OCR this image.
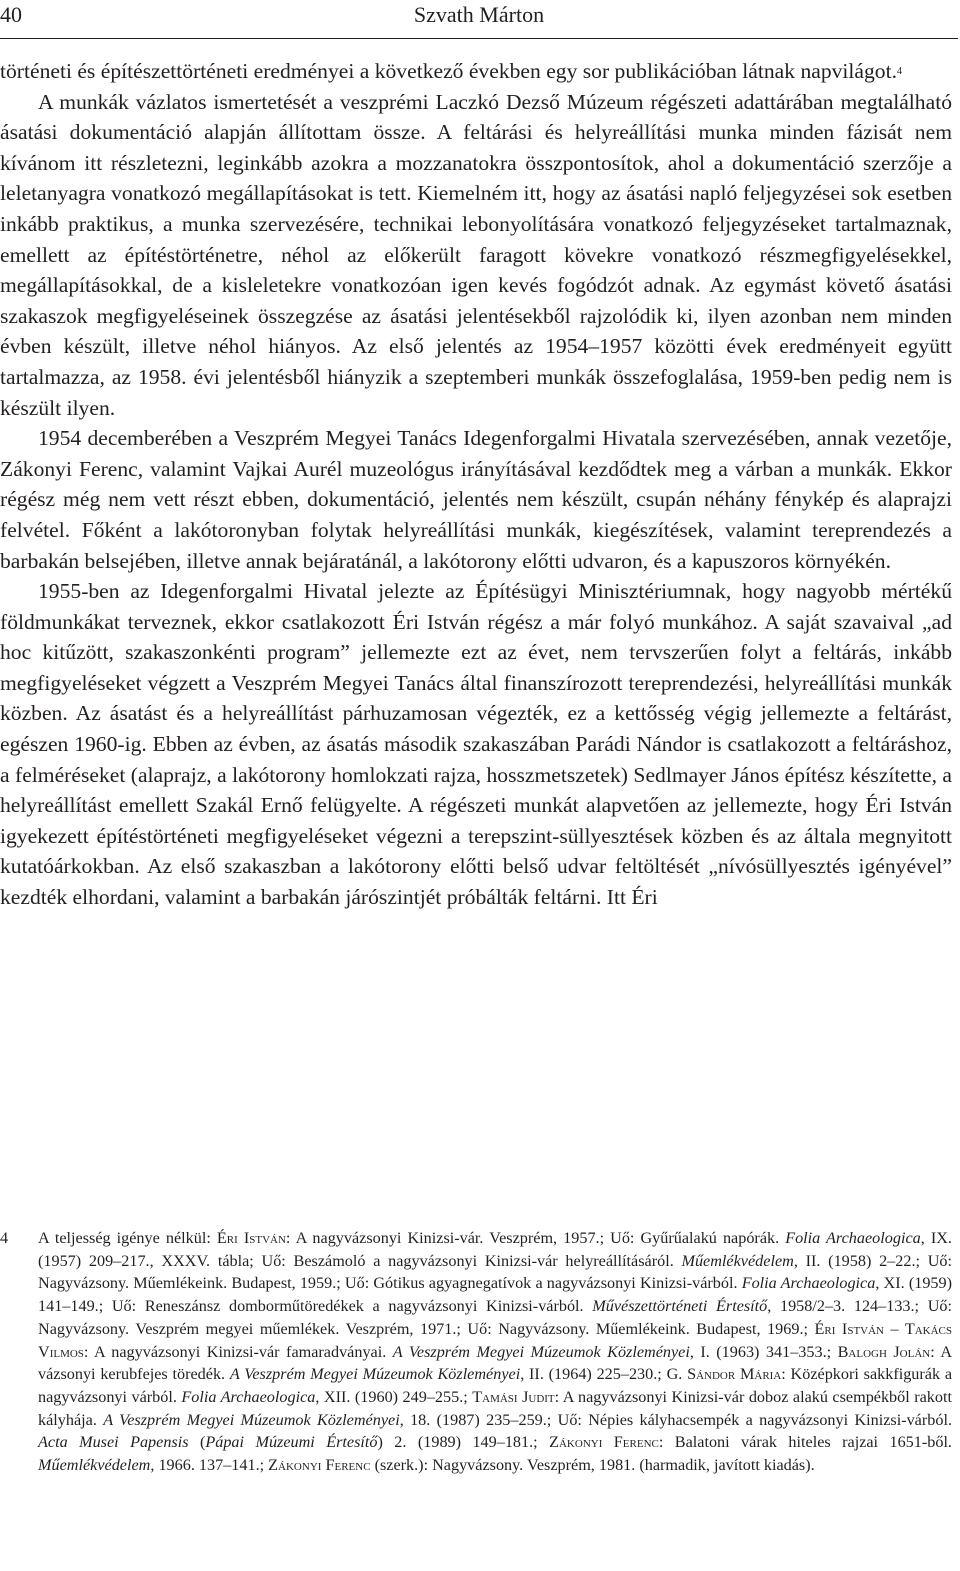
40	Szvath Márton

történeti és építészettörténeti eredményei a következő években egy sor publikációban látnak napvilágot.$^4$

A munkák vázlatos ismertetését a veszprémi Laczkó Dezső Múzeum régészeti adattárában megtalálható ásatási dokumentáció alapján állítottam össze. A feltárási és helyreállítási munka minden fázisát nem kívánom itt részletezni, leginkább azokra a mozzanatokra összpontosítok, ahol a dokumentáció szerzője a leletanyagra vonatkozó megállapításokat is tett. Kiemelném itt, hogy az ásatási napló feljegyzései sok esetben inkább praktikus, a munka szervezésére, technikai lebonyolítására vonatkozó feljegyzéseket tartalmaznak, emellett az építéstörténetre, néhol az előkerült faragott kövekre vonatkozó részmegfigyelésekkel, megállapításokkal, de a kisleletekre vonatkozóan igen kevés fogódzót adnak. Az egymást követő ásatási szakaszok megfigyeléseinek összegzése az ásatási jelentésekből rajzolódik ki, ilyen azonban nem minden évben készült, illetve néhol hiányos. Az első jelentés az 1954–1957 közötti évek eredményeit együtt tartalmazza, az 1958. évi jelentésből hiányzik a szeptemberi munkák összefoglalása, 1959-ben pedig nem is készült ilyen.

1954 decemberében a Veszprém Megyei Tanács Idegenforgalmi Hivatala szervezésében, annak vezetője, Zákonyi Ferenc, valamint Vajkai Aurél muzeológus irányításával kezdődtek meg a várban a munkák. Ekkor régész még nem vett részt ebben, dokumentáció, jelentés nem készült, csupán néhány fénykép és alaprajzi felvétel. Főként a lakótoronyban folytak helyreállítási munkák, kiegészítések, valamint tereprendezés a barbakán belsejében, illetve annak bejáratánál, a lakótorony előtti udvaron, és a kapuszoros környékén.

1955-ben az Idegenforgalmi Hivatal jelezte az Építésügyi Minisztériumnak, hogy nagyobb mértékű földmunkákat terveznek, ekkor csatlakozott Éri István régész a már folyó munkához. A saját szavaival „ad hoc kitűzött, szakaszonkénti program” jellemezte ezt az évet, nem tervszerűen folyt a feltárás, inkább megfigyeléseket végzett a Veszprém Megyei Tanács által finanszírozott tereprendezési, helyreállítási munkák közben. Az ásatást és a helyreállítást párhuzamosan végezték, ez a kettősség végig jellemezte a feltárást, egészen 1960-ig. Ebben az évben, az ásatás második szakaszában Parádi Nándor is csatlakozott a feltáráshoz, a felméréseket (alaprajz, a lakótorony homlokzati rajza, hosszmetszetek) Sedlmayer János építész készítette, a helyreállítást emellett Szakál Ernő felügyelte. A régészeti munkát alapvetően az jellemezte, hogy Éri István igyekezett építéstörténeti megfigyeléseket végezni a terepszint-süllyesztések közben és az általa megnyitott kutatóárkokban. Az első szakaszban a lakótorony előtti belső udvar feltöltését „nívósüllyesztés igényével” kezdték elhordani, valamint a barbakán járószintjét próbálták feltárni. Itt Éri

4 A teljesség igénye nélkül: Éri István: A nagyvázsonyi Kinizsi-vár. Veszprém, 1957.; Uő: Gyűrűalakú napórák. Folia Archaeologica, IX. (1957) 209–217., XXXV. tábla; Uő: Beszámoló a nagyvázsonyi Kinizsi-vár helyreállításáról. Műemlékvédelem, II. (1958) 2–22.; Uő: Nagyvázsony. Műemlékeink. Budapest, 1959.; Uő: Gótikus agyagnegatívok a nagyvázsonyi Kinizsi-várból. Folia Archaeologica, XI. (1959) 141–149.; Uő: Reneszánsz domborműtöredékek a nagyvázsonyi Kinizsi-várból. Művészettörténeti Értesítő, 1958/2–3. 124–133.; Uő: Nagyvázsony. Veszprém megyei műemlékek. Veszprém, 1971.; Uő: Nagyvázsony. Műemlékeink. Budapest, 1969.; Éri István – Takács Vilmos: A nagyvázsonyi Kinizsi-vár famaradványai. A Veszprém Megyei Múzeumok Közleményei, I. (1963) 341–353.; Balogh Jolán: A vázsonyi kerubfejes töredék. A Veszprém Megyei Múzeumok Közleményei, II. (1964) 225–230.; G. Sándor Mária: Középkori sakkfigurák a nagyvázsonyi várból. Folia Archaeologica, XII. (1960) 249–255.; Tamási Judit: A nagyvázsonyi Kinizsi-vár doboz alakú csempékből rakott kályhája. A Veszprém Megyei Múzeumok Közleményei, 18. (1987) 235–259.; Uő: Népies kályhacsempék a nagyvázsonyi Kinizsi-várból. Acta Musei Papensis (Pápai Múzeumi Értesítő) 2. (1989) 149–181.; Zákonyi Ferenc: Balatoni várak hiteles rajzai 1651-ből. Műemlékvédelem, 1966. 137–141.; Zákonyi Ferenc (szerk.): Nagyvázsony. Veszprém, 1981. (harmadik, javított kiadás).
